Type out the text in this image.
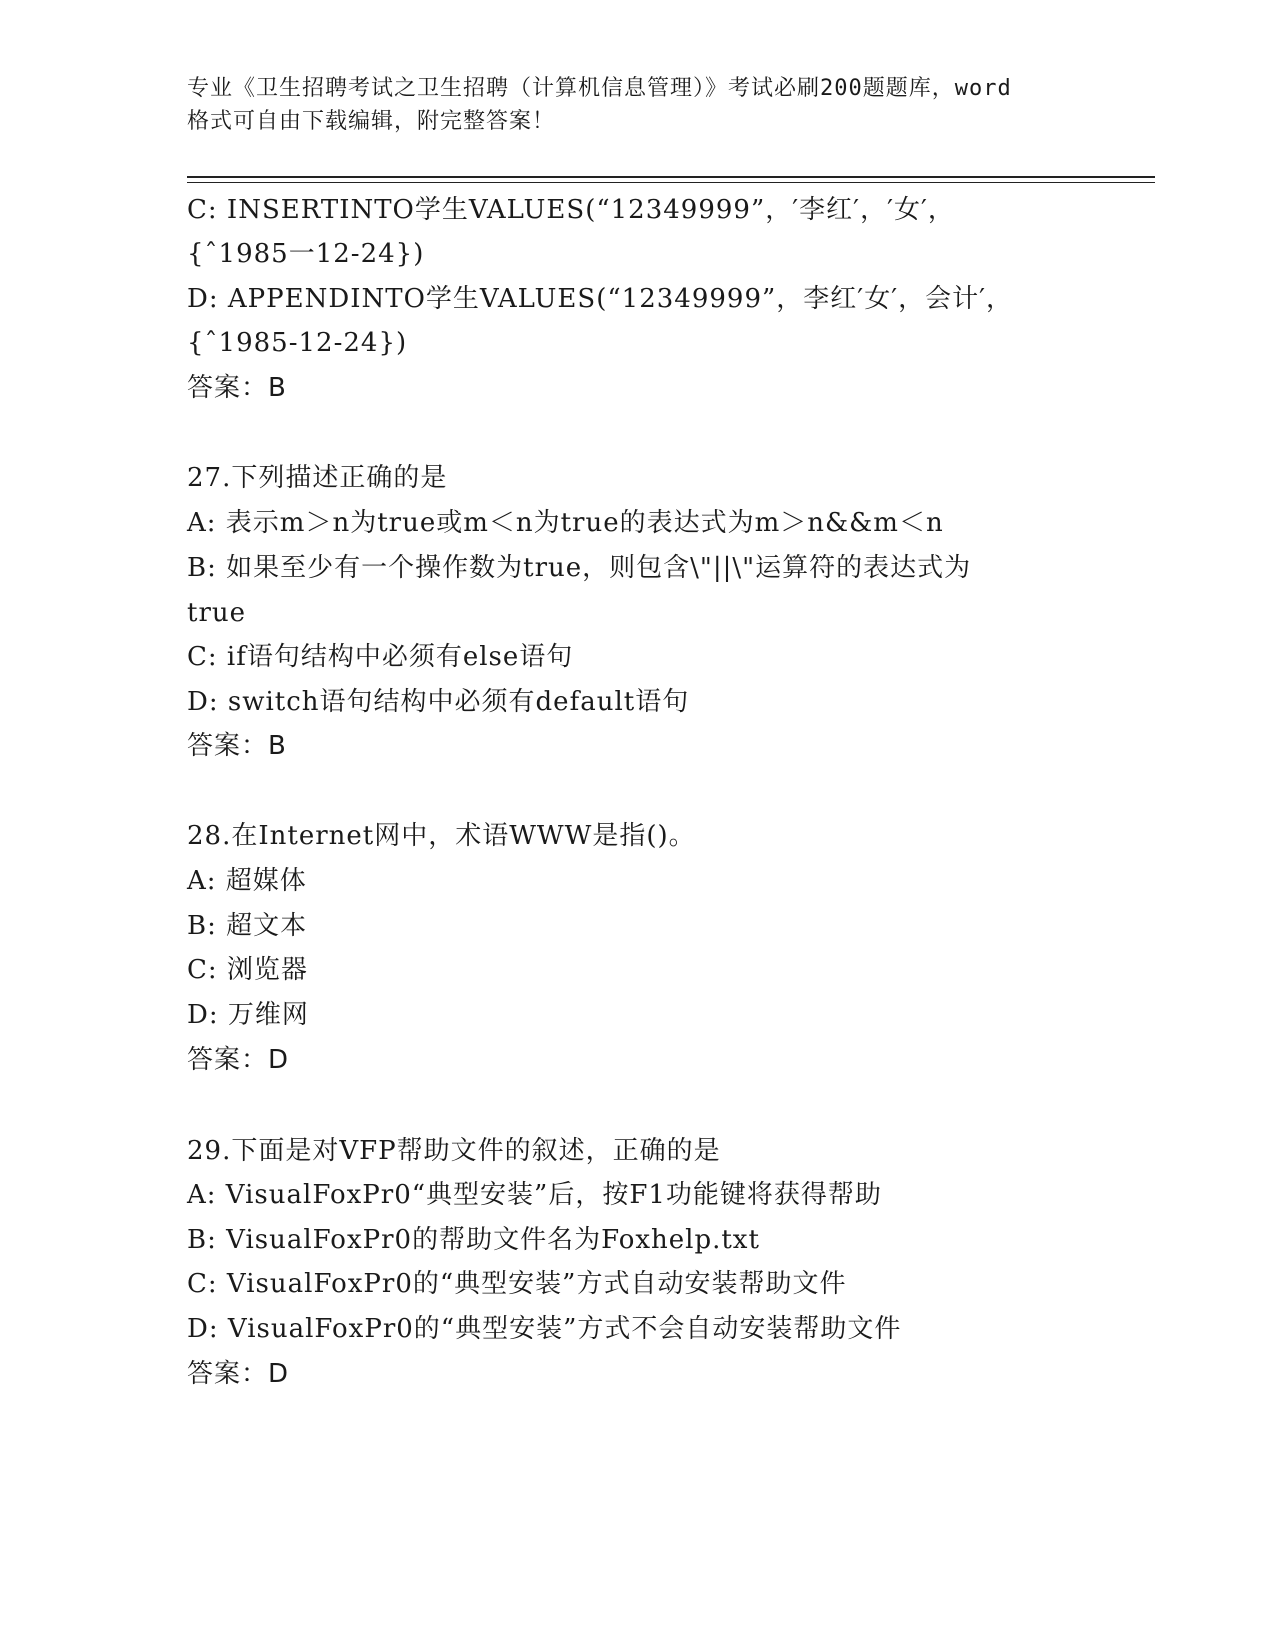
专业《卫生招聘考试之卫生招聘（计算机信息管理）》考试必刷200题题库，word
格式可自由下载编辑，附完整答案！
C: INSERTINTO学生VALUES(“12349999”，′李红′，′女′，
{ˆ1985一12-24})
D: APPENDINTO学生VALUES(“12349999”，李红′女′，会计′，
{ˆ1985-12-24})
答案：B
27.下列描述正确的是
A: 表示m＞n为true或m＜n为true的表达式为m＞n&&m＜n
B: 如果至少有一个操作数为true，则包含\"||\"运算符的表达式为
true
C: if语句结构中必须有else语句
D: switch语句结构中必须有default语句
答案：B
28.在Internet网中，术语WWW是指()。
A: 超媒体
B: 超文本
C: 浏览器
D: 万维网
答案：D
29.下面是对VFP帮助文件的叙述，正确的是
A: VisualFoxPr0“典型安装”后，按F1功能键将获得帮助
B: VisualFoxPr0的帮助文件名为Foxhelp.txt
C: VisualFoxPr0的“典型安装”方式自动安装帮助文件
D: VisualFoxPr0的“典型安装”方式不会自动安装帮助文件
答案：D
